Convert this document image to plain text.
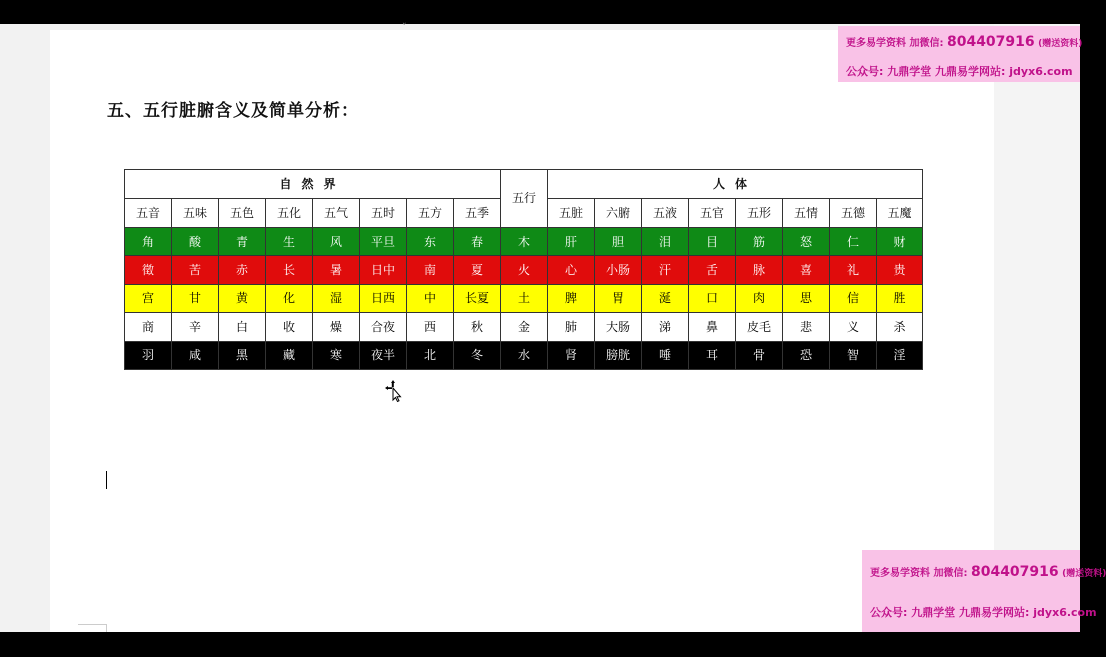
˅
五、五行脏腑含义及简单分析：
自然界								五行	人体							
五音	五味	五色	五化	五气	五时	五方	五季		五脏	六腑	五液	五官	五形	五情	五德	五魔
角	酸	青	生	风	平旦	东	春	木	肝	胆	泪	目	筋	怒	仁	财
徵	苦	赤	长	暑	日中	南	夏	火	心	小肠	汗	舌	脉	喜	礼	贵
宫	甘	黄	化	湿	日西	中	长夏	土	脾	胃	涎	口	肉	思	信	胜
商	辛	白	收	燥	合夜	西	秋	金	肺	大肠	涕	鼻	皮毛	悲	义	杀
羽	咸	黑	藏	寒	夜半	北	冬	水	肾	膀胱	唾	耳	骨	恐	智	淫
更多易学资料 加微信: 804407916 (赠送资料)
公众号: 九鼎学堂 九鼎易学网站: jdyx6.com
更多易学资料 加微信: 804407916 (赠送资料)
公众号: 九鼎学堂 九鼎易学网站: jdyx6.com
